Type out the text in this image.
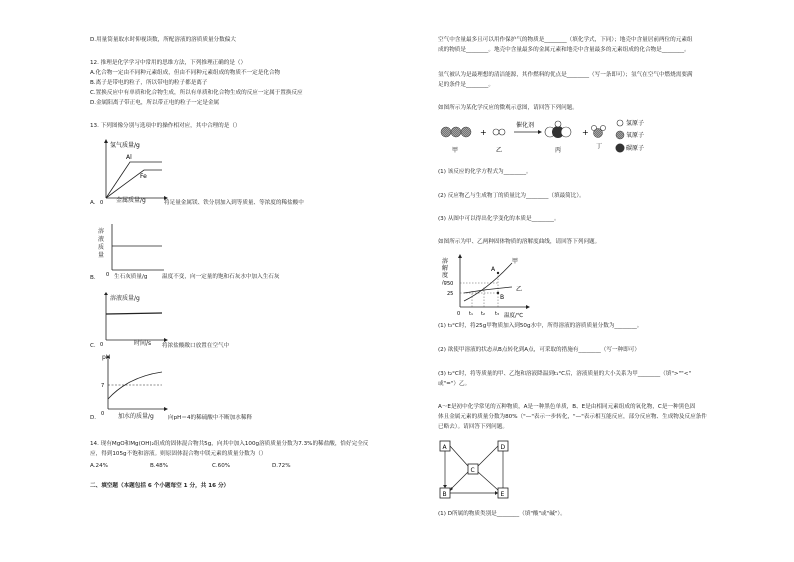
D.用量筒量取水时仰视读数，所配溶液的溶质质量分数偏大
12. 推理是化学学习中常用的思维方法，下列推理正确的是（）
A.化合物一定由不同种元素组成，但由不同种元素组成的物质不一定是化合物
B.离子是带电的粒子，所以带电的粒子都是离子
C.置换反应中有单质和化合物生成，所以有单质和化合物生成的反应一定属于置换反应
D.金属阳离子带正电，所以带正电的粒子一定是金属
13. 下列图像分别与选项中的操作相对应，其中合理的是（）
氢气质量/g
Al
Fe
0
A.	金属质量/g	将足量金属镁、铁分别加入到等质量、等浓度的稀盐酸中
0
溶液质量
B.	生石灰质量/g	温度不变，向一定量的饱和石灰水中加入生石灰
0
溶液质量/g
C.	时间/s 将浓盐酸敞口放置在空气中
7
0
pH
D.	加水的质量/g	向pH＝4的稀硫酸中不断加水稀释
14. 现有MgO和Mg(OH)₂组成的固体混合物共5g，向其中加入100g溶质质量分数为7.3%的稀盐酸，恰好完全反
应，得到105g不饱和溶液。则原固体混合物中镁元素的质量分数为（）
A.24%	B.48%	C.60%	D.72%
二、填空题（本题包括 6 个小题每空 1 分，共 16 分）
空气中含量最多且可以用作保护气的物质是________（填化学式，下同）；地壳中含量居前两位的元素组
成的物质是________。地壳中含量最多的金属元素和地壳中含量最多的元素组成的化合物是________。
氢气被认为是最理想的清洁能源，其作燃料的优点是________（写一条即可）；氢气在空气中燃烧需要满
足的条件是________。
如图所示为某化学反应的微观示意图，请回答下列问题。
+
催化剂
+
氢原子
氧原子
碳原子
甲	乙	丙
丁
(1) 该反应的化学方程式为________。
(2) 反应物乙与生成物丁的质量比为________（填最简比）。
(3) 从图中可以得出化学变化的本质是________。
如图所示为甲、乙两种固体物质的溶解度曲线，请回答下列问题。
A
B
甲
乙
50
25
0 t₁ t₂ t₃ 温度/℃
溶
解
度
/g
(1) t₃°C时，将25g甲物质加入到50g水中，所得溶液的溶质质量分数为________。
(2) 欲使甲溶液的状态从B点转化到A点，可采取的措施有________（写一种即可）
(3) t₂°C时，将等质量的甲、乙饱和溶液降温到t₁°C后，溶液质量的大小关系为甲________（填">""<"
或"="）乙。
A～E是初中化学常见的五种物质，A是一种黑色单质，B、E是由相同元素组成的氧化物，C是一种黑色固
体且金属元素的质量分数为80%（"—"表示一步转化，"—"表示相互能反应，部分反应物、生成物及反应条件
已略去）。请回答下列问题。
A	D
C
B	E
(1) D所属的物质类别是________（填"酸"或"碱"）。
